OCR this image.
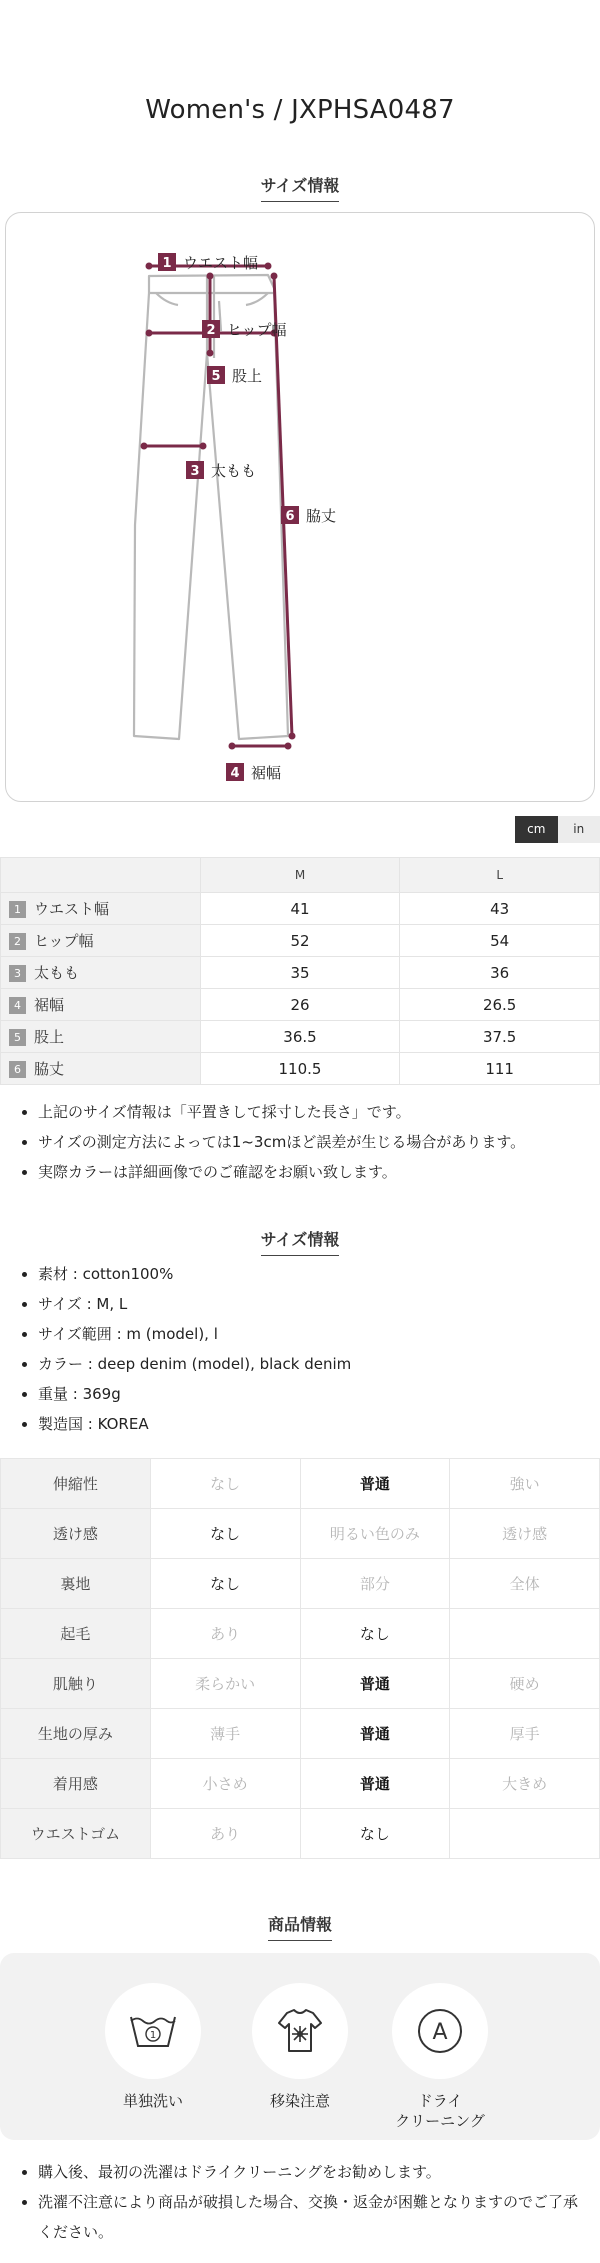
Women's / JXPHSA0487
サイズ情報
1 ウエスト幅
2 ヒップ幅
3 太もも
4 裾幅
5 股上
6 脇丈
cm	in
	M	L
1 ウエスト幅	41	43
2 ヒップ幅	52	54
3 太もも	35	36
4 裾幅	26	26.5
5 股上	36.5	37.5
6 脇丈	110.5	111
上記のサイズ情報は「平置きして採寸した長さ」です。
サイズの測定方法によっては1~3cmほど誤差が生じる場合があります。
実際カラーは詳細画像でのご確認をお願い致します。
サイズ情報
素材 : cotton100%
サイズ : M, L
サイズ範囲 : m (model), l
カラー : deep denim (model), black denim
重量 : 369g
製造国 : KOREA
伸縮性	なし	普通	強い
透け感	なし	明るい色のみ	透け感
裏地	なし	部分	全体
起毛	あり	なし	
肌触り	柔らかい	普通	硬め
生地の厚み	薄手	普通	厚手
着用感	小さめ	普通	大きめ
ウエストゴム	あり	なし	
商品情報
1
単独洗い	移染注意
A
ドライ
クリーニング
購入後、最初の洗濯はドライクリーニングをお勧めします。
洗濯不注意により商品が破損した場合、交換・返金が困難となりますのでご了承ください。
